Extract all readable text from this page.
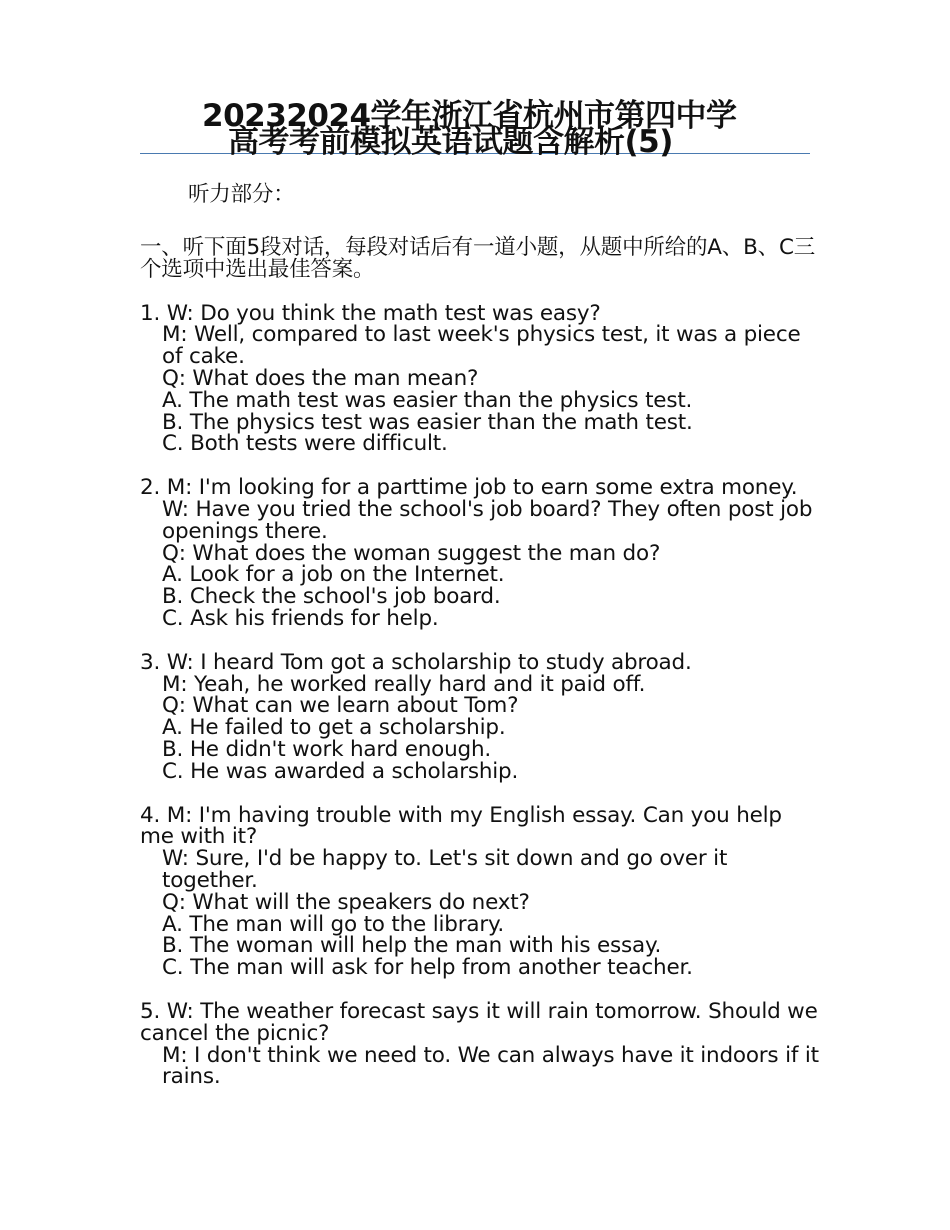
20232024学年浙江省杭州市第四中学
高考考前模拟英语试题含解析(5)
听力部分：
一、听下面5段对话，每段对话后有一道小题，从题中所给的A、B、C三个选项中选出最佳答案。

1. W: Do you think the math test was easy?

M: Well, compared to last week's physics test, it was a piece of cake.

Q: What does the man mean?

A. The math test was easier than the physics test.

B. The physics test was easier than the math test.

C. Both tests were difficult.

2. M: I'm looking for a parttime job to earn some extra money.

W: Have you tried the school's job board? They often post job openings there.

Q: What does the woman suggest the man do?

A. Look for a job on the Internet.

B. Check the school's job board.

C. Ask his friends for help.

3. W: I heard Tom got a scholarship to study abroad.

M: Yeah, he worked really hard and it paid off.

Q: What can we learn about Tom?

A. He failed to get a scholarship.

B. He didn't work hard enough.

C. He was awarded a scholarship.

4. M: I'm having trouble with my English essay. Can you help me with it?

W: Sure, I'd be happy to. Let's sit down and go over it together.

Q: What will the speakers do next?

A. The man will go to the library.

B. The woman will help the man with his essay.

C. The man will ask for help from another teacher.

5. W: The weather forecast says it will rain tomorrow. Should we cancel the picnic?

M: I don't think we need to. We can always have it indoors if it rains.
